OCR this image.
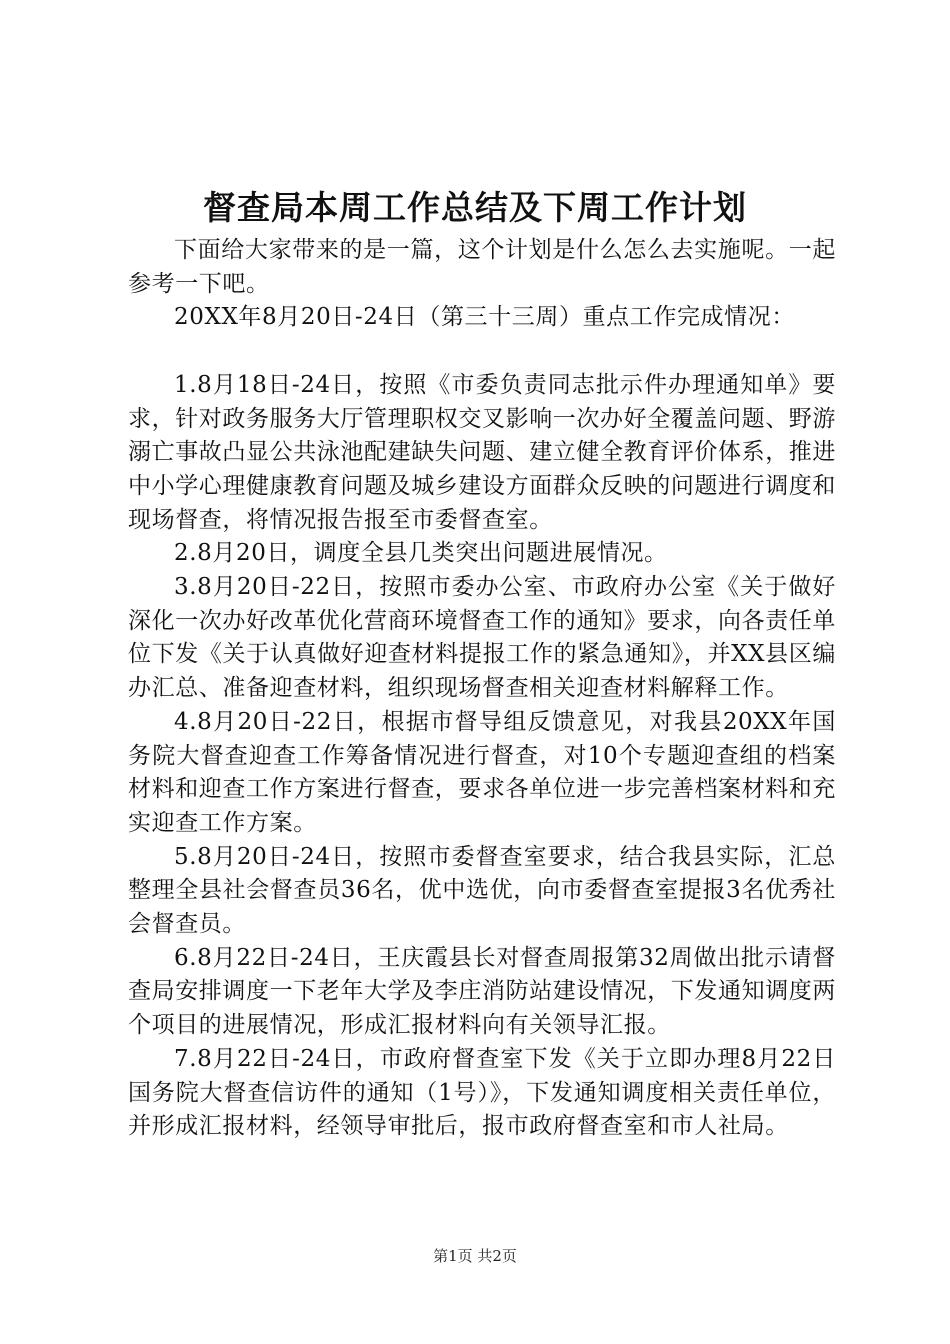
督查局本周工作总结及下周工作计划

下面给大家带来的是一篇，这个计划是什么怎么去实施呢。一起参考一下吧。

20XX年8月20日-24日（第三十三周）重点工作完成情况：

1.8月18日-24日，按照《市委负责同志批示件办理通知单》要求，针对政务服务大厅管理职权交叉影响一次办好全覆盖问题、野游溺亡事故凸显公共泳池配建缺失问题、建立健全教育评价体系，推进中小学心理健康教育问题及城乡建设方面群众反映的问题进行调度和现场督查，将情况报告报至市委督查室。

2.8月20日，调度全县几类突出问题进展情况。

3.8月20日-22日，按照市委办公室、市政府办公室《关于做好深化一次办好改革优化营商环境督查工作的通知》要求，向各责任单位下发《关于认真做好迎查材料提报工作的紧急通知》，并XX县区编办汇总、准备迎查材料，组织现场督查相关迎查材料解释工作。

4.8月20日-22日，根据市督导组反馈意见，对我县20XX年国务院大督查迎查工作筹备情况进行督查，对10个专题迎查组的档案材料和迎查工作方案进行督查，要求各单位进一步完善档案材料和充实迎查工作方案。

5.8月20日-24日，按照市委督查室要求，结合我县实际，汇总整理全县社会督查员36名，优中选优，向市委督查室提报3名优秀社会督查员。

6.8月22日-24日，王庆霞县长对督查周报第32周做出批示请督查局安排调度一下老年大学及李庄消防站建设情况，下发通知调度两个项目的进展情况，形成汇报材料向有关领导汇报。

7.8月22日-24日，市政府督查室下发《关于立即办理8月22日国务院大督查信访件的通知（1号）》，下发通知调度相关责任单位，并形成汇报材料，经领导审批后，报市政府督查室和市人社局。

第1页 共2页
